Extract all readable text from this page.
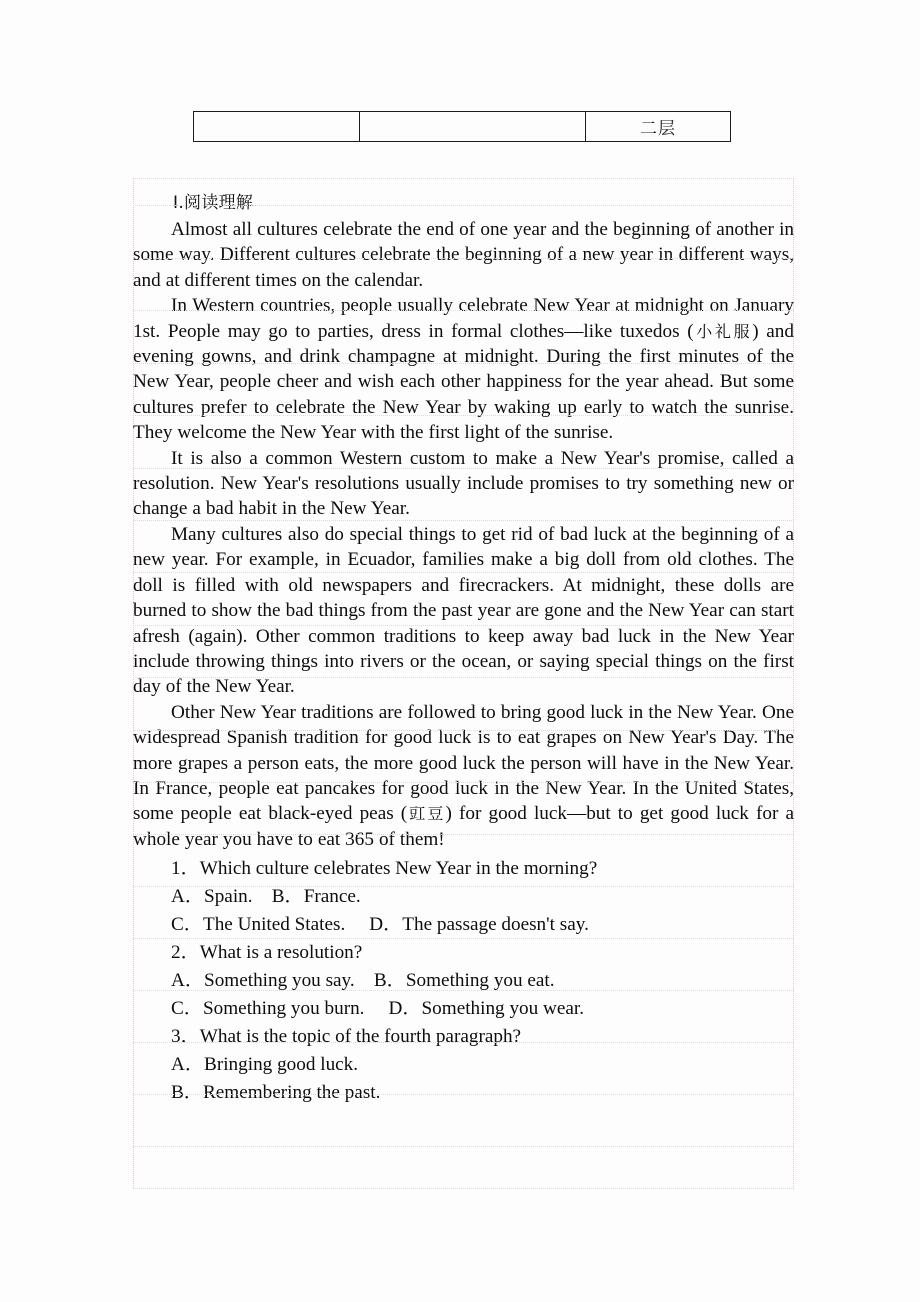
		二层
Ⅰ.阅读理解

Almost all cultures celebrate the end of one year and the beginning of another in some way. Different cultures celebrate the beginning of a new year in different ways, and at different times on the calendar.

In Western countries, people usually celebrate New Year at midnight on January 1st. People may go to parties, dress in formal clothes—like tuxedos (小礼服) and evening gowns, and drink champagne at midnight. During the first minutes of the New Year, people cheer and wish each other happiness for the year ahead. But some cultures prefer to celebrate the New Year by waking up early to watch the sunrise. They welcome the New Year with the first light of the sunrise.

It is also a common Western custom to make a New Year's promise, called a resolution. New Year's resolutions usually include promises to try something new or change a bad habit in the New Year.

Many cultures also do special things to get rid of bad luck at the beginning of a new year. For example, in Ecuador, families make a big doll from old clothes. The doll is filled with old newspapers and firecrackers. At midnight, these dolls are burned to show the bad things from the past year are gone and the New Year can start afresh (again). Other common traditions to keep away bad luck in the New Year include throwing things into rivers or the ocean, or saying special things on the first day of the New Year.

Other New Year traditions are followed to bring good luck in the New Year. One widespread Spanish tradition for good luck is to eat grapes on New Year's Day. The more grapes a person eats, the more good luck the person will have in the New Year. In France, people eat pancakes for good luck in the New Year. In the United States, some people eat black-eyed peas (豇豆) for good luck—but to get good luck for a whole year you have to eat 365 of them!

1．Which culture celebrates New Year in the morning?
A．Spain.　B．France.
C．The United States.　 D．The passage doesn't say.
2．What is a resolution?
A．Something you say.　B．Something you eat.
C．Something you burn.　 D．Something you wear.
3．What is the topic of the fourth paragraph?
A．Bringing good luck.
B．Remembering the past.
